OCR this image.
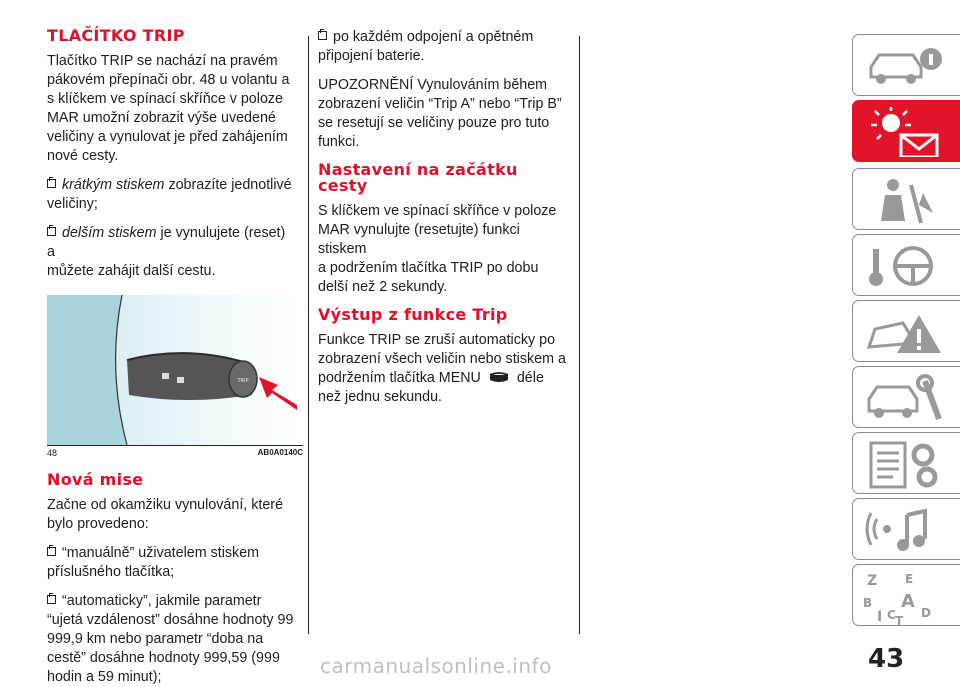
TLAČÍTKO TRIP

Tlačítko TRIP se nachází na pravém
pákovém přepínači obr. 48 u volantu a
s klíčkem ve spínací skříňce v poloze
MAR umožní zobrazit výše uvedené
veličiny a vynulovat je před zahájením
nové cesty.

krátkým stiskem zobrazíte jednotlivé
veličiny;

delším stiskem je vynulujete (reset) a
můžete zahájit další cestu.

TRIP
48	AB0A0140C
Nová mise

Začne od okamžiku vynulování, které
bylo provedeno:

“manuálně” uživatelem stiskem
příslušného tlačítka;

“automaticky”, jakmile parametr
“ujetá vzdálenost” dosáhne hodnoty 99
999,9 km nebo parametr “doba na
cestě” dosáhne hodnoty 999,59 (999
hodin a 59 minut);

po každém odpojení a opětném
připojení baterie.

UPOZORNĚNÍ Vynulováním během
zobrazení veličin “Trip A” nebo “Trip B”
se resetují se veličiny pouze pro tuto
funkci.

Nastavení na začátku
cesty

S klíčkem ve spínací skříňce v poloze
MAR vynulujte (resetujte) funkci stiskem
a podržením tlačítka TRIP po dobu
delší než 2 sekundy.

Výstup z funkce Trip

Funkce TRIP se zruší automaticky po
zobrazení všech veličin nebo stiskem a
podržením tlačítka MENU	déle
než jednu sekundu.

Z E
B A
C D
I T
43
carmanualsonline.info
